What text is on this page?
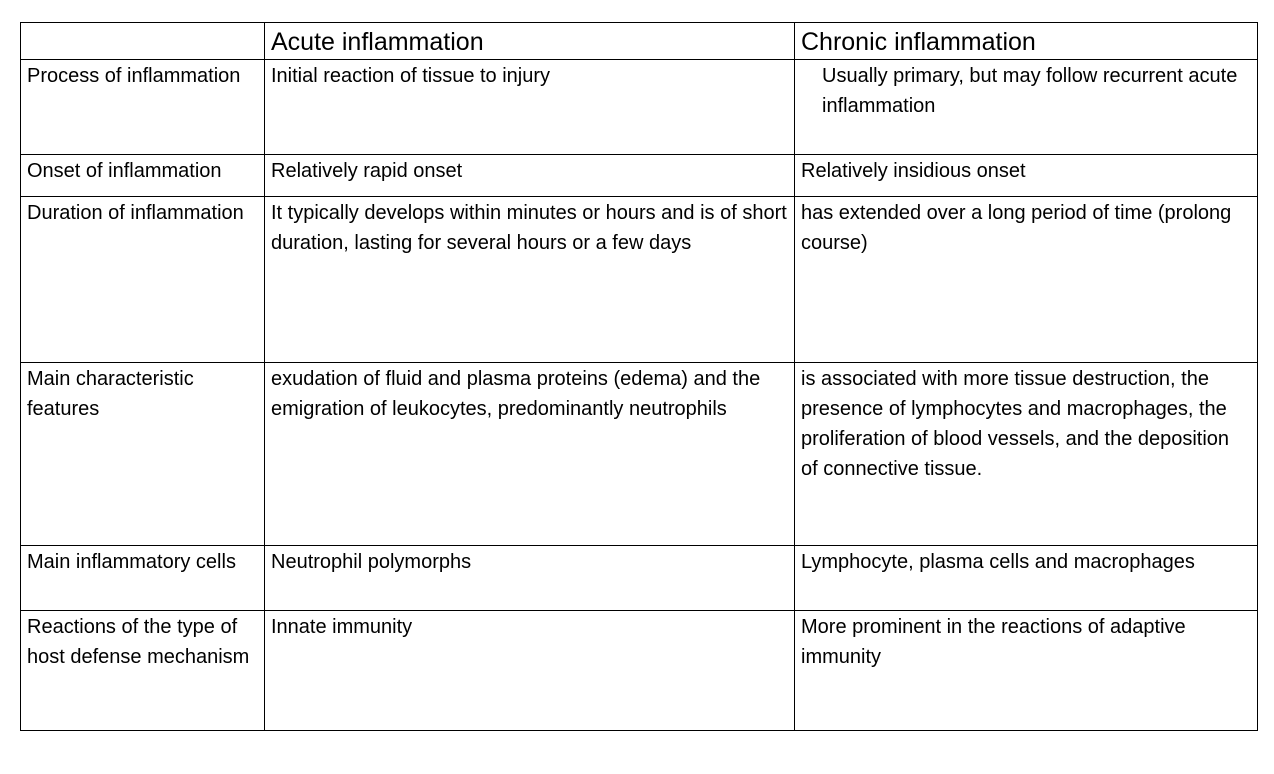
	Acute inflammation	Chronic inflammation
Process of inflammation	Initial reaction of tissue to injury	Usually primary, but may follow recurrent acute inflammation
Onset of inflammation	Relatively rapid onset	Relatively insidious onset
Duration of inflammation	It typically develops within minutes or hours and is of short duration, lasting for several hours or a few days	has extended over a long period of time (prolong course)
Main characteristic features	exudation of fluid and plasma proteins (edema) and the emigration of leukocytes, predominantly neutrophils	is associated with more tissue destruction, the presence of lymphocytes and macrophages, the proliferation of blood vessels, and the deposition of connective tissue.
Main inflammatory cells	Neutrophil polymorphs	Lymphocyte, plasma cells and macrophages
Reactions of the type of host defense mechanism	Innate immunity	More prominent in the reactions of adaptive immunity
